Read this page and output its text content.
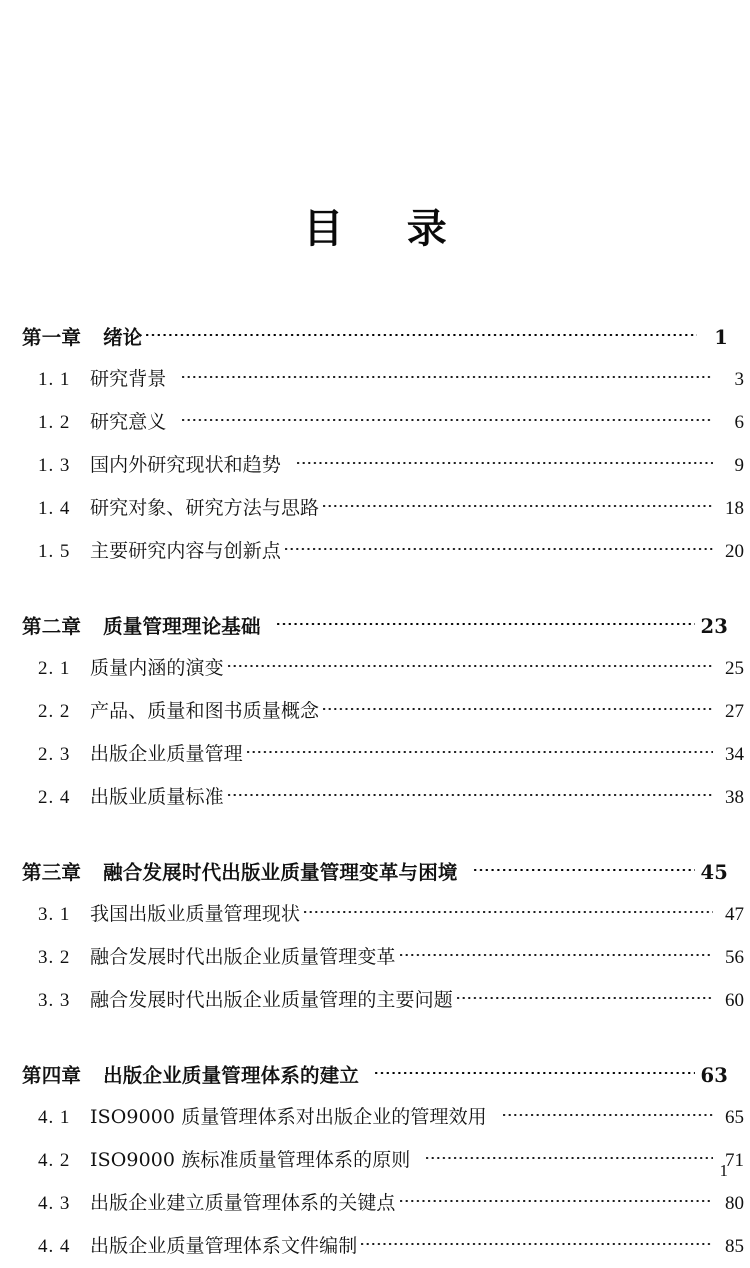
目 录
第一章	绪论	1
1. 1	研究背景	3
1. 2	研究意义	6
1. 3	国内外研究现状和趋势	9
1. 4	研究对象、研究方法与思路	18
1. 5	主要研究内容与创新点	20
第二章	质量管理理论基础	23
2. 1	质量内涵的演变	25
2. 2	产品、质量和图书质量概念	27
2. 3	出版企业质量管理	34
2. 4	出版业质量标准	38
第三章	融合发展时代出版业质量管理变革与困境	45
3. 1	我国出版业质量管理现状	47
3. 2	融合发展时代出版企业质量管理变革	56
3. 3	融合发展时代出版企业质量管理的主要问题	60
第四章	出版企业质量管理体系的建立	63
4. 1	ISO9000 质量管理体系对出版企业的管理效用	65
4. 2	ISO9000 族标准质量管理体系的原则	71
4. 3	出版企业建立质量管理体系的关键点	80
4. 4	出版企业质量管理体系文件编制	85
1
